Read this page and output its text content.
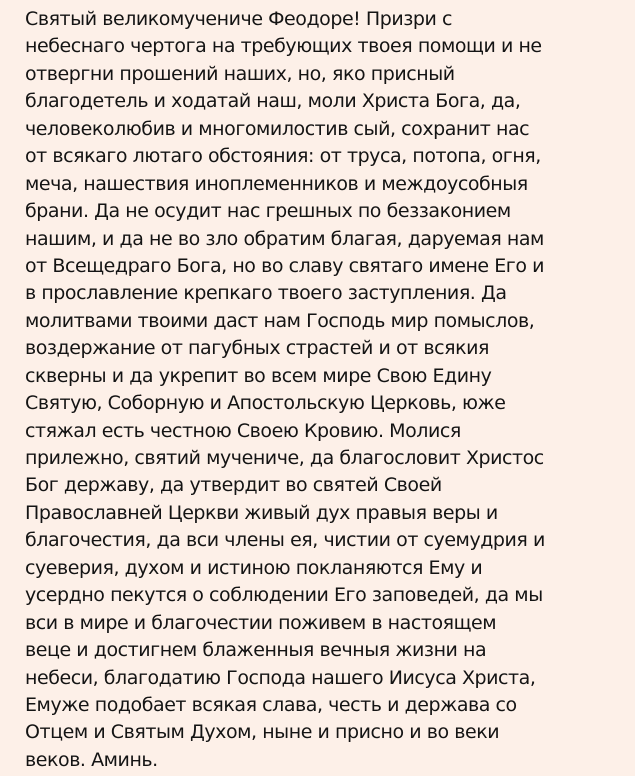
Святый великомучениче Феодоре! Призри с
небеснаго чертога на требующих твоея помощи и не
отвергни прошений наших, но, яко присный
благодетель и ходатай наш, моли Христа Бога, да,
человеколюбив и многомилостив сый, сохранит нас
от всякаго лютаго обстояния: от труса, потопа, огня,
меча, нашествия иноплеменников и междоусобныя
брани. Да не осудит нас грешных по беззаконием
нашим, и да не во зло обратим благая, даруемая нам
от Всещедраго Бога, но во славу святаго имене Его и
в прославление крепкаго твоего заступления. Да
молитвами твоими даст нам Господь мир помыслов,
воздержание от пагубных страстей и от всякия
скверны и да укрепит во всем мире Свою Едину
Святую, Соборную и Апостольскую Церковь, юже
стяжал есть честною Своею Кровию. Молися
прилежно, святий мучениче, да благословит Христос
Бог державу, да утвердит во святей Своей
Православней Церкви живый дух правыя веры и
благочестия, да вси члены ея, чистии от суемудрия и
суеверия, духом и истиною покланяются Ему и
усердно пекутся о соблюдении Его заповедей, да мы
вси в мире и благочестии поживем в настоящем
веце и достигнем блаженныя вечныя жизни на
небеси, благодатию Господа нашего Иисуса Христа,
Емуже подобает всякая слава, честь и держава со
Отцем и Святым Духом, ныне и присно и во веки
веков. Аминь.
